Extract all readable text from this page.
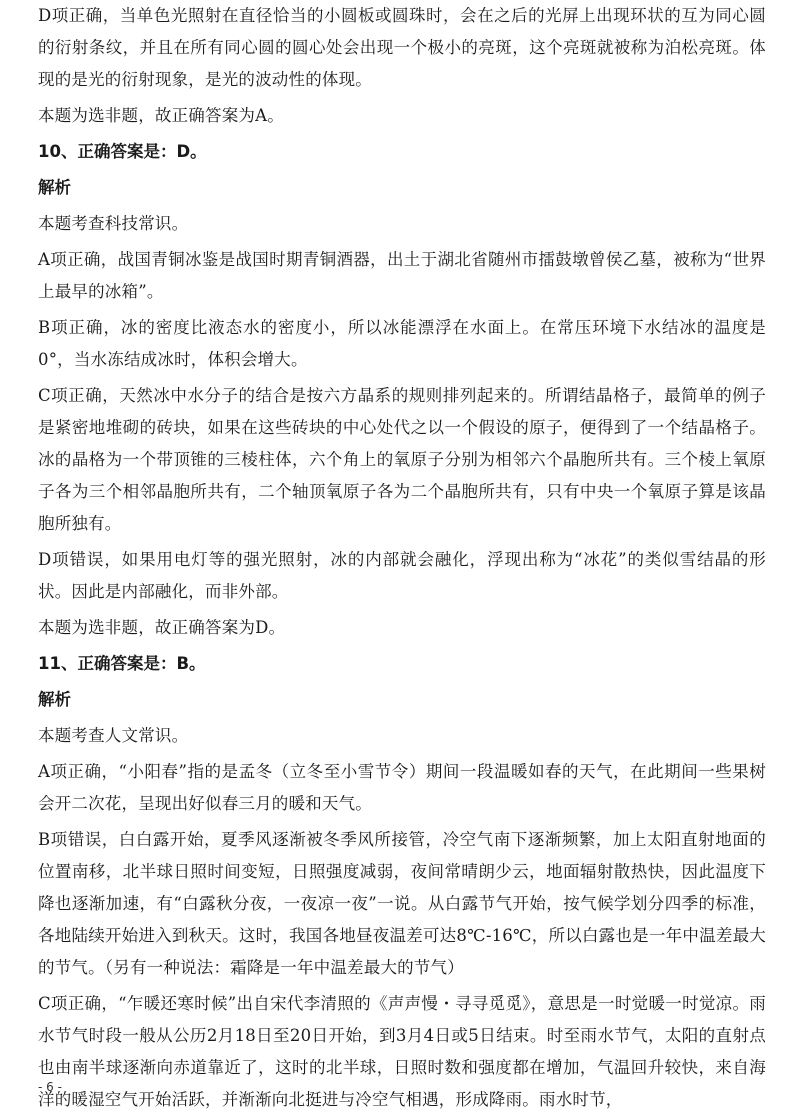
D项正确，当单色光照射在直径恰当的小圆板或圆珠时，会在之后的光屏上出现环状的互为同心圆的衍射条纹，并且在所有同心圆的圆心处会出现一个极小的亮斑，这个亮斑就被称为泊松亮斑。体现的是光的衍射现象，是光的波动性的体现。

本题为选非题，故正确答案为A。

10、正确答案是：D。
解析

本题考查科技常识。

A项正确，战国青铜冰鉴是战国时期青铜酒器，出土于湖北省随州市擂鼓墩曾侯乙墓，被称为“世界上最早的冰箱”。

B项正确，冰的密度比液态水的密度小，所以冰能漂浮在水面上。在常压环境下水结冰的温度是0°，当水冻结成冰时，体积会增大。

C项正确，天然冰中水分子的结合是按六方晶系的规则排列起来的。所谓结晶格子，最简单的例子是紧密地堆砌的砖块，如果在这些砖块的中心处代之以一个假设的原子，便得到了一个结晶格子。冰的晶格为一个带顶锥的三棱柱体，六个角上的氧原子分别为相邻六个晶胞所共有。三个棱上氧原子各为三个相邻晶胞所共有，二个轴顶氧原子各为二个晶胞所共有，只有中央一个氧原子算是该晶胞所独有。

D项错误，如果用电灯等的强光照射，冰的内部就会融化，浮现出称为“冰花”的类似雪结晶的形状。因此是内部融化，而非外部。

本题为选非题，故正确答案为D。

11、正确答案是：B。
解析

本题考查人文常识。

A项正确，“小阳春”指的是孟冬（立冬至小雪节令）期间一段温暖如春的天气，在此期间一些果树会开二次花，呈现出好似春三月的暖和天气。

B项错误，白白露开始，夏季风逐渐被冬季风所接管，冷空气南下逐渐频繁，加上太阳直射地面的位置南移，北半球日照时间变短，日照强度减弱，夜间常晴朗少云，地面辐射散热快，因此温度下降也逐渐加速，有“白露秋分夜，一夜凉一夜”一说。从白露节气开始，按气候学划分四季的标准，各地陆续开始进入到秋天。这时，我国各地昼夜温差可达8℃-16℃，所以白露也是一年中温差最大的节气。（另有一种说法：霜降是一年中温差最大的节气）

C项正确，“乍暖还寒时候”出自宋代李清照的《声声慢・寻寻觅觅》，意思是一时觉暖一时觉凉。雨水节气时段一般从公历2月18日至20日开始，到3月4日或5日结束。时至雨水节气，太阳的直射点也由南半球逐渐向赤道靠近了，这时的北半球，日照时数和强度都在增加，气温回升较快，来自海洋的暖湿空气开始活跃，并渐渐向北挺进与冷空气相遇，形成降雨。雨水时节，

- 6 -
